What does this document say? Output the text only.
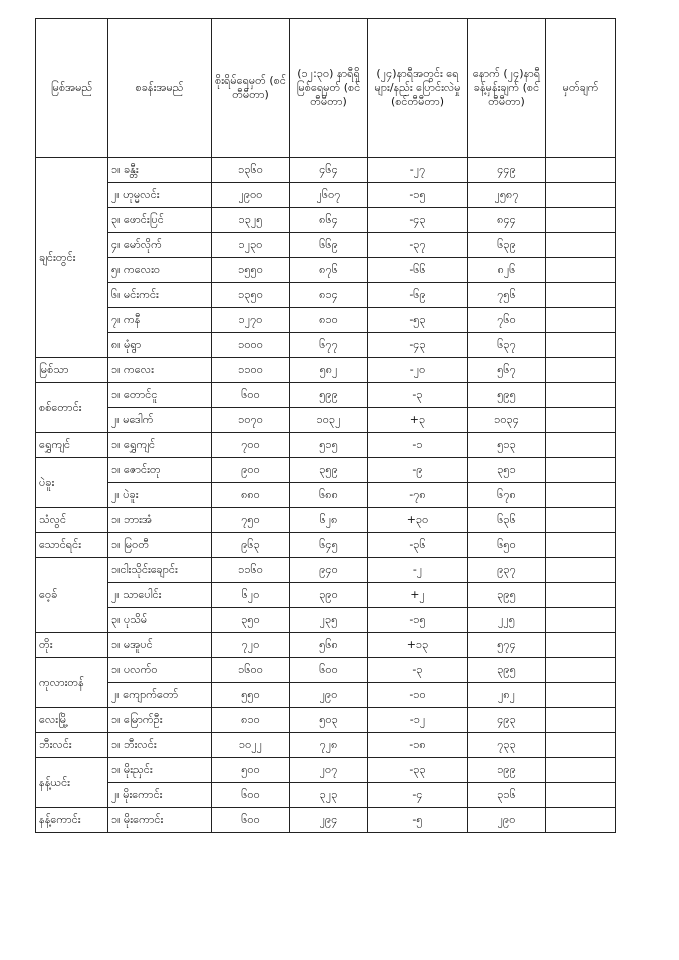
မြစ်အမည်	စခန်းအမည်	စိုးရိမ်ရေမှတ် (စင်တီမီတာ)	(၁၂:၃၀) နာရီရှိ မြစ်ရေမှတ် (စင်တီမီတာ)	(၂၄)နာရီအတွင်း ရေများ/နည်း ပြောင်းလဲမှု (စင်တီမီတာ)	နောက် (၂၄)နာရီ ခန့်မှန်းချက် (စင်တီမီတာ)	မှတ်ချက်
ချင်းတွင်း	၁။ ခန္တီး	၁၃၆၀	၄၆၄	-၂၇	၄၄၉	
	၂။ ဟုမ္မလင်း	၂၉၀၀	၂၆၀၇	-၁၅	၂၅၈၇	
	၃။ ဖောင်းပြင်	၁၃၂၅	၈၆၄	-၄၃	၈၄၄	
	၄။ မော်လိုက်	၁၂၃၀	၆၆၉	-၃၇	၆၃၉	
	၅။ ကလေးဝ	၁၅၅၀	၈၇၆	-၆၆	၈၂၆	
	၆။ မင်းကင်း	၁၃၅၀	၈၁၄	-၆၉	၇၅၆	
	၇။ ကနီ	၁၂၇၀	၈၁၀	-၅၃	၇၆၀	
	၈။ မုံရွာ	၁၀၀၀	၆၇၇	-၄၃	၆၃၇	
မြစ်သာ	၁။ ကလေး	၁၁၀၀	၅၈၂	-၂၀	၅၆၇	
စစ်တောင်း	၁။ တောင်ငူ	၆၀၀	၅၉၉	-၃	၅၉၅	
	၂။ မဒေါက်	၁၀၇၀	၁၀၃၂	+၃	၁၀၃၄	
ရွှေကျင်	၁။ ရွှေကျင်	၇၀၀	၅၁၅	-၁	၅၁၃	
ပဲခူး	၁။ ဇောင်းတု	၉၀၀	၃၅၉	-၉	၃၅၁	
	၂။ ပဲခူး	၈၈၀	၆၈၈	-၇၈	၆၇၈	
သံလွင်	၁။ ဘားအံ	၇၅၀	၆၂၈	+၃၀	၆၃၆	
သောင်ရင်း	၁။ မြဝတီ	၉၆၃	၆၄၅	-၃၆	၆၅၀	
ဝေ့ခ်	၁။ငါးသိုင်းချောင်း	၁၁၆၀	၉၄၀	-၂	၉၃၇	
	၂။ သာပေါင်း	၆၂၀	၃၉၀	+၂	၃၉၅	
	၃။ ပုသိမ်	၃၅၀	၂၃၅	-၁၅	၂၂၅	
တိုး	၁။ မအူပင်	၇၂၀	၅၆၈	+၁၃	၅၇၄	
ကုလားတန်	၁။ ပလက်ဝ	၁၆၀၀	၆၀၀	-၃	၃၉၅	
	၂။ ကျောက်တော်	၅၅၀	၂၉၀	-၁၀	၂၈၂	
လေးမြို့	၁။ မြောက်ဦး	၈၁၀	၅၀၃	-၁၂	၄၉၃	
ဘီးလင်း	၁။ ဘီးလင်း	၁၀၂၂	၇၂၈	-၁၈	၇၃၃	
နန့်ယင်း	၁။ မိုးညှင်း	၅၀၀	၂၀၇	-၃၃	၁၉၉	
	၂။ မိုးကောင်း	၆၀၀	၃၂၃	-၄	၃၁၆	
နန့်ကောင်း	၁။ မိုးကောင်း	၆၀၀	၂၉၄	-၅	၂၉၀	
